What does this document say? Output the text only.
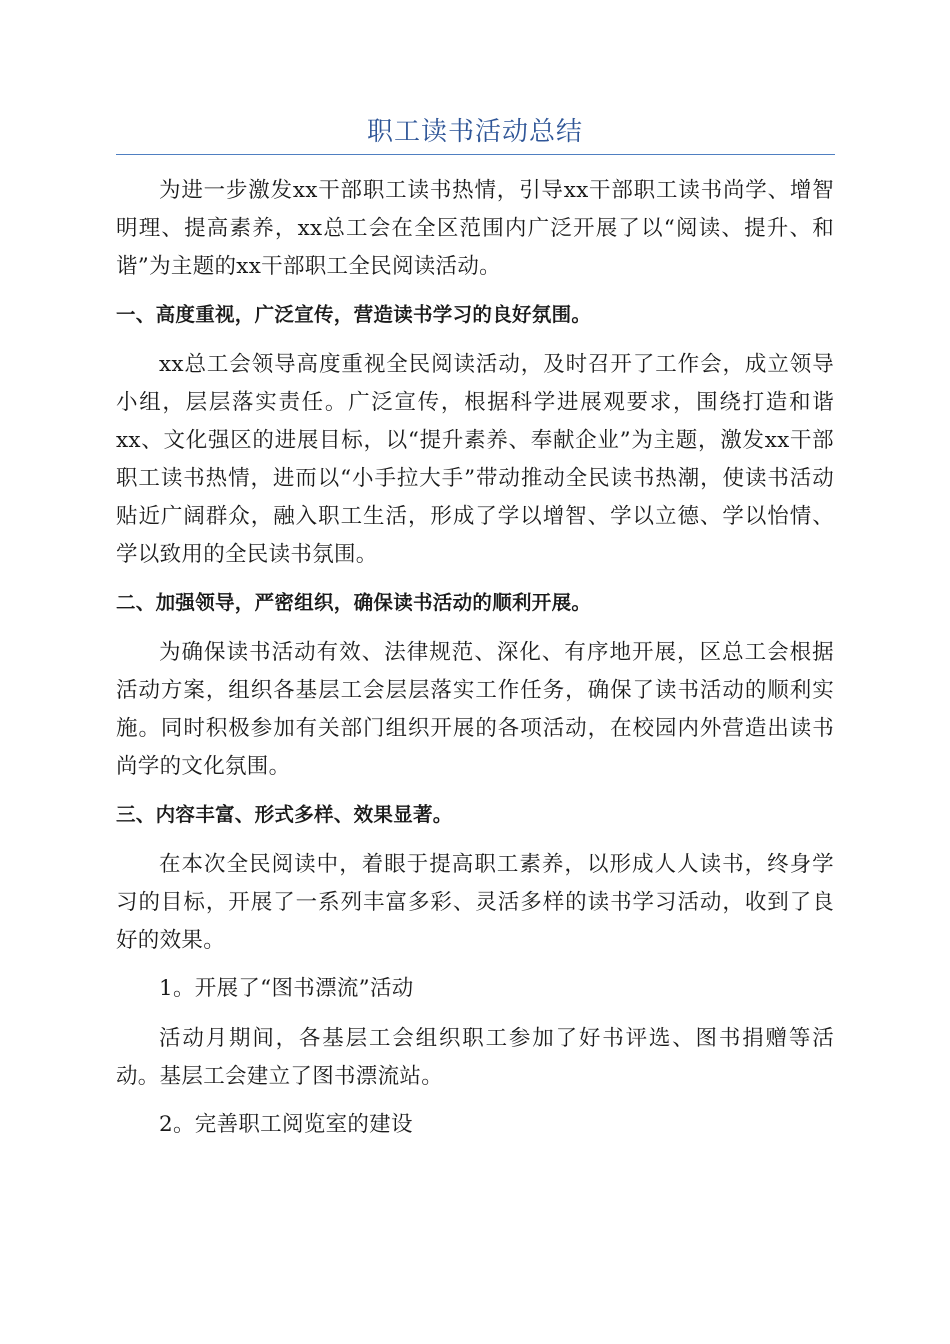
职工读书活动总结

为进一步激发xx干部职工读书热情，引导xx干部职工读书尚学、增智明理、提高素养，xx总工会在全区范围内广泛开展了以“阅读、提升、和谐”为主题的xx干部职工全民阅读活动。

一、高度重视，广泛宣传，营造读书学习的良好氛围。

xx总工会领导高度重视全民阅读活动，及时召开了工作会，成立领导小组，层层落实责任。广泛宣传，根据科学进展观要求，围绕打造和谐xx、文化强区的进展目标，以“提升素养、奉献企业”为主题，激发xx干部职工读书热情，进而以“小手拉大手”带动推动全民读书热潮，使读书活动贴近广阔群众，融入职工生活，形成了学以增智、学以立德、学以怡情、学以致用的全民读书氛围。

二、加强领导，严密组织，确保读书活动的顺利开展。

为确保读书活动有效、法律规范、深化、有序地开展，区总工会根据活动方案，组织各基层工会层层落实工作任务，确保了读书活动的顺利实施。同时积极参加有关部门组织开展的各项活动，在校园内外营造出读书尚学的文化氛围。

三、内容丰富、形式多样、效果显著。

在本次全民阅读中，着眼于提高职工素养，以形成人人读书，终身学习的目标，开展了一系列丰富多彩、灵活多样的读书学习活动，收到了良好的效果。

1。开展了“图书漂流”活动

活动月期间，各基层工会组织职工参加了好书评选、图书捐赠等活动。基层工会建立了图书漂流站。

2。完善职工阅览室的建设
